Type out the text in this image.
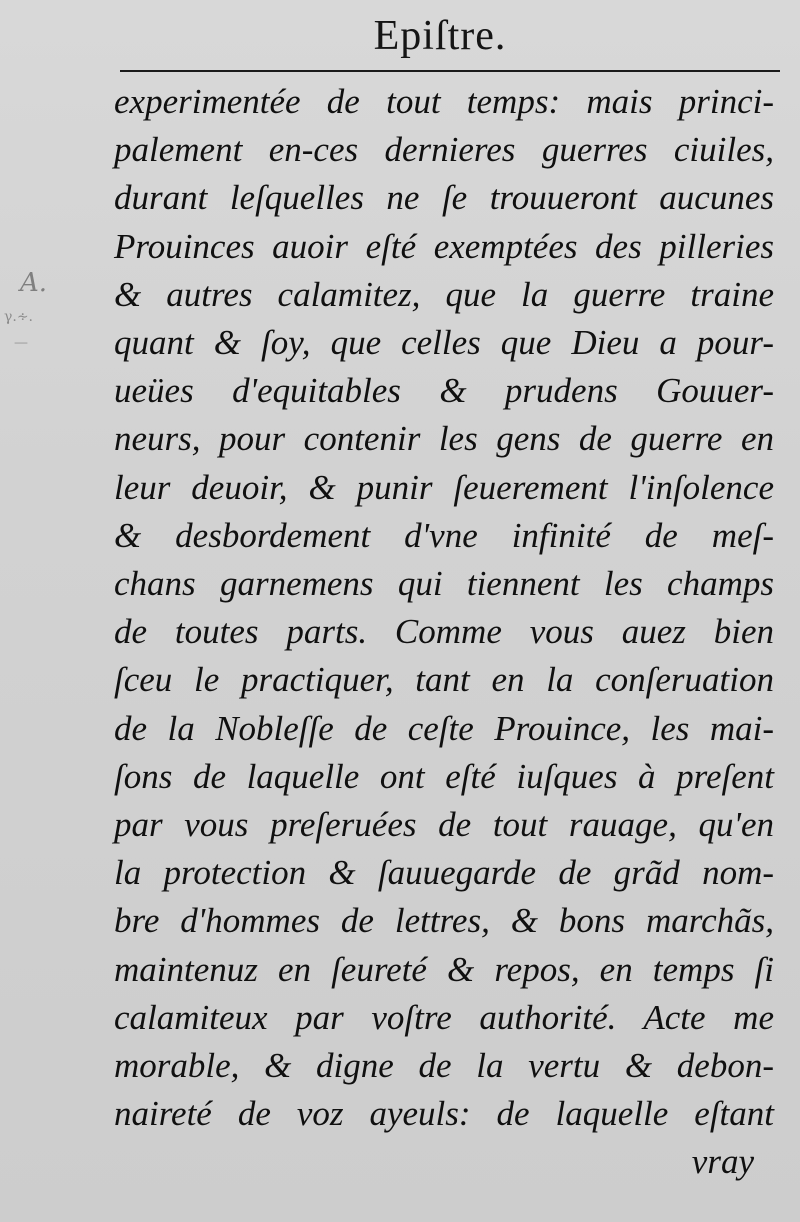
A.
γ.∻.
—
Epiſtre.
experimentée de tout temps: mais princi-
palement en-ces dernieres guerres ciuiles,
durant leſquelles ne ſe trouueront aucunes
Prouinces auoir eſté exemptées des pilleries
& autres calamitez, que la guerre traine
quant & ſoy, que celles que Dieu a pour-
ueües d'equitables & prudens Gouuer-
neurs, pour contenir les gens de guerre en
leur deuoir, & punir ſeuerement l'inſolence
& desbordement d'vne infinité de meſ-
chans garnemens qui tiennent les champs
de toutes parts. Comme vous auez bien
ſceu le practiquer, tant en la conſeruation
de la Nobleſſe de ceſte Prouince, les mai-
ſons de laquelle ont eſté iuſques à preſent
par vous preſeruées de tout rauage, qu'en
la protection & ſauuegarde de grãd nom-
bre d'hommes de lettres, & bons marchãs,
maintenuz en ſeureté & repos, en temps ſi
calamiteux par voſtre authorité. Acte me
morable, & digne de la vertu & debon-
naireté de voz ayeuls: de laquelle eſtant
vray
